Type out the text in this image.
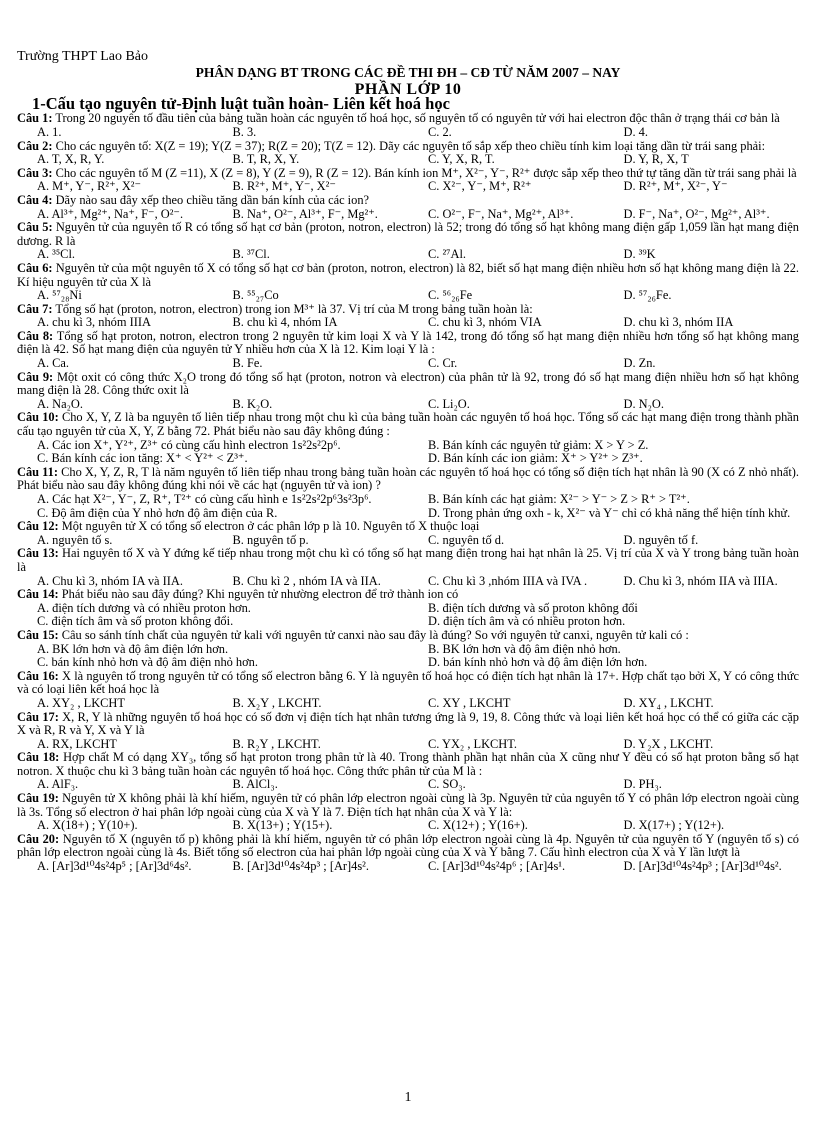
Trường THPT Lao Bảo
PHÂN DẠNG BT TRONG CÁC ĐỀ THI ĐH – CĐ TỪ NĂM 2007 – NAY
PHẦN LỚP 10
1-Cấu tạo nguyên tử-Định luật tuần hoàn- Liên kết hoá học

Câu 1: Trong 20 nguyên tố đầu tiên của bảng tuần hoàn các nguyên tố hoá học, số nguyên tố có nguyên tử với hai electron độc thân ở trạng thái cơ bản là

A. 1.	B. 3.	C. 2.	D. 4.

Câu 2: Cho các nguyên tố: X(Z = 19); Y(Z = 37); R(Z = 20); T(Z = 12). Dãy các nguyên tố sắp xếp theo chiều tính kim loại tăng dần từ trái sang phải:

A. T, X, R, Y.	B. T, R, X, Y.	C. Y, X, R, T.	D. Y, R, X, T

Câu 3: Cho các nguyên tố M (Z =11), X (Z = 8), Y (Z = 9), R (Z = 12). Bán kính ion M⁺, X²⁻, Y⁻, R²⁺ được sắp xếp theo thứ tự tăng dần từ trái sang phải là

A. M⁺, Y⁻, R²⁺, X²⁻	B. R²⁺, M⁺, Y⁻, X²⁻	C. X²⁻, Y⁻, M⁺, R²⁺	D. R²⁺, M⁺, X²⁻, Y⁻

Câu 4: Dãy nào sau đây xếp theo chiều tăng dần bán kính của các ion?

A. Al³⁺, Mg²⁺, Na⁺, F⁻, O²⁻.	B. Na⁺, O²⁻, Al³⁺, F⁻, Mg²⁺.	C. O²⁻, F⁻, Na⁺, Mg²⁺, Al³⁺.	D. F⁻, Na⁺, O²⁻, Mg²⁺, Al³⁺.

Câu 5: Nguyên tử của nguyên tố R có tổng số hạt cơ bản (proton, notron, electron) là 52; trong đó tổng số hạt không mang điện gấp 1,059 lần hạt mang điện dương. R là

A. ³⁵Cl.	B. ³⁷Cl.	C. ²⁷Al.	D. ³⁹K

Câu 6: Nguyên tử của một nguyên tố X có tổng số hạt cơ bản (proton, notron, electron) là 82, biết số hạt mang điện nhiều hơn số hạt không mang điện là 22. Kí hiệu nguyên tử của X là

A. ⁵⁷₂₈Ni	B. ⁵⁵₂₇Co	C. ⁵⁶₂₆Fe	D. ⁵⁷₂₆Fe.

Câu 7: Tổng số hạt (proton, notron, electron) trong ion M³⁺ là 37. Vị trí của M trong bảng tuần hoàn là:

A. chu kì 3, nhóm IIIA	B. chu kì 4, nhóm IA	C. chu kì 3, nhóm VIA	D. chu kì 3, nhóm IIA

Câu 8: Tổng số hạt proton, notron, electron trong 2 nguyên tử kim loại X và Y là 142, trong đó tổng số hạt mang điện nhiều hơn tổng số hạt không mang điện là 42. Số hạt mang điện của nguyên tử Y nhiều hơn của X là 12. Kim loại Y là :

A. Ca.	B. Fe.	C. Cr.	D. Zn.

Câu 9: Một oxit có công thức X₂O trong đó tổng số hạt (proton, notron và electron) của phân tử là 92, trong đó số hạt mang điện nhiều hơn số hạt không mang điện là 28. Công thức oxit là

A. Na₂O.	B. K₂O.	C. Li₂O.	D. N₂O.

Câu 10: Cho X, Y, Z là ba nguyên tố liên tiếp nhau trong một chu kì của bảng tuần hoàn các nguyên tố hoá học. Tổng số các hạt mang điện trong thành phần cấu tạo nguyên tử của X, Y, Z bằng 72. Phát biểu nào sau đây không đúng :

A. Các ion X⁺, Y²⁺, Z³⁺ có cùng cấu hình electron 1s²2s²2p⁶.	B. Bán kính các nguyên tử giảm: X > Y > Z.
C. Bán kính các ion tăng: X⁺ < Y²⁺ < Z³⁺.	D. Bán kính các ion giảm: X⁺ > Y²⁺ > Z³⁺.

Câu 11: Cho X, Y, Z, R, T là năm nguyên tố liên tiếp nhau trong bảng tuần hoàn các nguyên tố hoá học có tổng số điện tích hạt nhân là 90 (X có Z nhỏ nhất). Phát biểu nào sau đây không đúng khi nói về các hạt (nguyên tử và ion) ?

A. Các hạt X²⁻, Y⁻, Z, R⁺, T²⁺ có cùng cấu hình e 1s²2s²2p⁶3s²3p⁶.	B. Bán kính các hạt giảm: X²⁻ > Y⁻ > Z > R⁺ > T²⁺.
C. Độ âm điện của Y nhỏ hơn độ âm điện của R.	D. Trong phản ứng oxh - k, X²⁻ và Y⁻ chỉ có khả năng thể hiện tính khử.

Câu 12: Một nguyên tử X có tổng số electron ở các phân lớp p là 10. Nguyên tố X thuộc loại

A. nguyên tố s.	B. nguyên tố p.	C. nguyên tố d.	D. nguyên tố f.

Câu 13: Hai nguyên tố X và Y đứng kế tiếp nhau trong một chu kì có tổng số hạt mang điện trong hai hạt nhân là 25. Vị trí của X và Y trong bảng tuần hoàn là

A. Chu kì 3, nhóm IA và IIA.	B. Chu kì 2 , nhóm IA và IIA.	C. Chu kì 3 ,nhóm IIIA và IVA .	D. Chu kì 3, nhóm IIA và IIIA.

Câu 14: Phát biểu nào sau đây đúng? Khi nguyên tử nhường electron để trở thành ion có

A. điện tích dương và có nhiều proton hơn.	B. điện tích dương và số proton không đổi
C. điện tích âm và số proton không đổi.	D. điện tích âm và có nhiều proton hơn.

Câu 15: Câu so sánh tính chất của nguyên tử kali với nguyên tử canxi nào sau đây là đúng? So với nguyên tử canxi, nguyên tử kali có :

A. BK lớn hơn và độ âm điện lớn hơn.	B. BK lớn hơn và độ âm điện nhỏ hơn.
C. bán kính nhỏ hơn và độ âm điện nhỏ hơn.	D. bán kính nhỏ hơn và độ âm điện lớn hơn.

Câu 16: X là nguyên tố trong nguyên tử có tổng số electron bằng 6. Y là nguyên tố hoá học có điện tích hạt nhân là 17+. Hợp chất tạo bởi X, Y có công thức và có loại liên kết hoá học là

A. XY₂ , LKCHT	B. X₂Y , LKCHT.	C. XY , LKCHT	D. XY₄ , LKCHT.

Câu 17: X, R, Y là những nguyên tố hoá học có số đơn vị điện tích hạt nhân tương ứng là 9, 19, 8. Công thức và loại liên kết hoá học có thể có giữa các cặp X và R, R và Y, X và Y là

A. RX, LKCHT	B. R₂Y , LKCHT.	C. YX₂ , LKCHT.	D. Y₂X , LKCHT.

Câu 18: Hợp chất M có dạng XY₃, tổng số hạt proton trong phân tử là 40. Trong thành phần hạt nhân của X cũng như Y đều có số hạt proton bằng số hạt notron. X thuộc chu kì 3 bảng tuần hoàn các nguyên tố hoá học. Công thức phân tử của M là :

A. AlF₃.	B. AlCl₃.	C. SO₃.	D. PH₃.

Câu 19: Nguyên tử X không phải là khí hiếm, nguyên tử có phân lớp electron ngoài cùng là 3p. Nguyên tử của nguyên tố Y có phân lớp electron ngoài cùng là 3s. Tổng số electron ở hai phân lớp ngoài cùng của X và Y là 7. Điện tích hạt nhân của X và Y là:

A. X(18+) ; Y(10+).	B. X(13+) ; Y(15+).	C. X(12+) ; Y(16+).	D. X(17+) ; Y(12+).

Câu 20: Nguyên tố X (nguyên tố p) không phải là khí hiếm, nguyên tử có phân lớp electron ngoài cùng là 4p. Nguyên tử của nguyên tố Y (nguyên tố s) có phân lớp electron ngoài cùng là 4s. Biết tổng số electron của hai phân lớp ngoài cùng của X và Y bằng 7. Cấu hình electron của X và Y lần lượt là

A. [Ar]3d¹⁰4s²4p⁵ ; [Ar]3d⁶4s².	B. [Ar]3d¹⁰4s²4p³ ; [Ar]4s².	C. [Ar]3d¹⁰4s²4p⁶ ; [Ar]4s¹.	D. [Ar]3d¹⁰4s²4p³ ; [Ar]3d¹⁰4s².
1
